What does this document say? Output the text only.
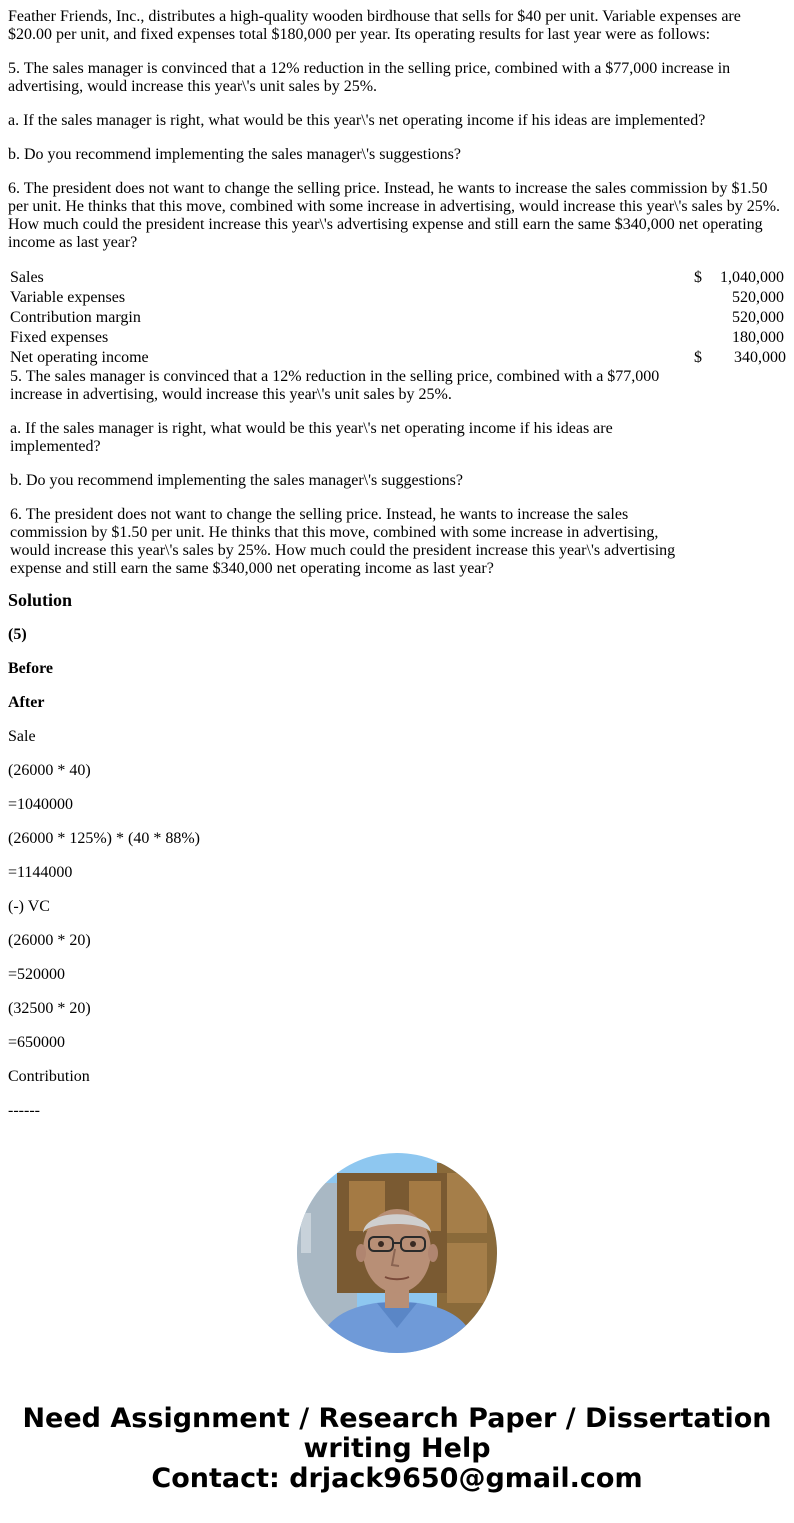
Feather Friends, Inc., distributes a high-quality wooden birdhouse that sells for $40 per unit. Variable expenses are $20.00 per unit, and fixed expenses total $180,000 per year. Its operating results for last year were as follows:

5. The sales manager is convinced that a 12% reduction in the selling price, combined with a $77,000 increase in advertising, would increase this year\'s unit sales by 25%.

a. If the sales manager is right, what would be this year\'s net operating income if his ideas are implemented?

b. Do you recommend implementing the sales manager\'s suggestions?

6. The president does not want to change the selling price. Instead, he wants to increase the sales commission by $1.50 per unit. He thinks that this move, combined with some increase in advertising, would increase this year\'s sales by 25%. How much could the president increase this year\'s advertising expense and still earn the same $340,000 net operating income as last year?

Sales	$	1,040,000
Variable expenses		520,000
Contribution margin		520,000
Fixed expenses		180,000
Net operating income	$	340,000

5. The sales manager is convinced that a 12% reduction in the selling price, combined with a $77,000 increase in advertising, would increase this year\'s unit sales by 25%.

a. If the sales manager is right, what would be this year\'s net operating income if his ideas are implemented?

b. Do you recommend implementing the sales manager\'s suggestions?

6. The president does not want to change the selling price. Instead, he wants to increase the sales commission by $1.50 per unit. He thinks that this move, combined with some increase in advertising, would increase this year\'s sales by 25%. How much could the president increase this year\'s advertising expense and still earn the same $340,000 net operating income as last year?		

Solution

(5)

Before

After

Sale

(26000 * 40)

=1040000

(26000 * 125%) * (40 * 88%)

=1144000

(-) VC

(26000 * 20)

=520000

(32500 * 20)

=650000

Contribution

------

Need Assignment / Research Paper / Dissertation
writing Help
Contact: drjack9650@gmail.com
